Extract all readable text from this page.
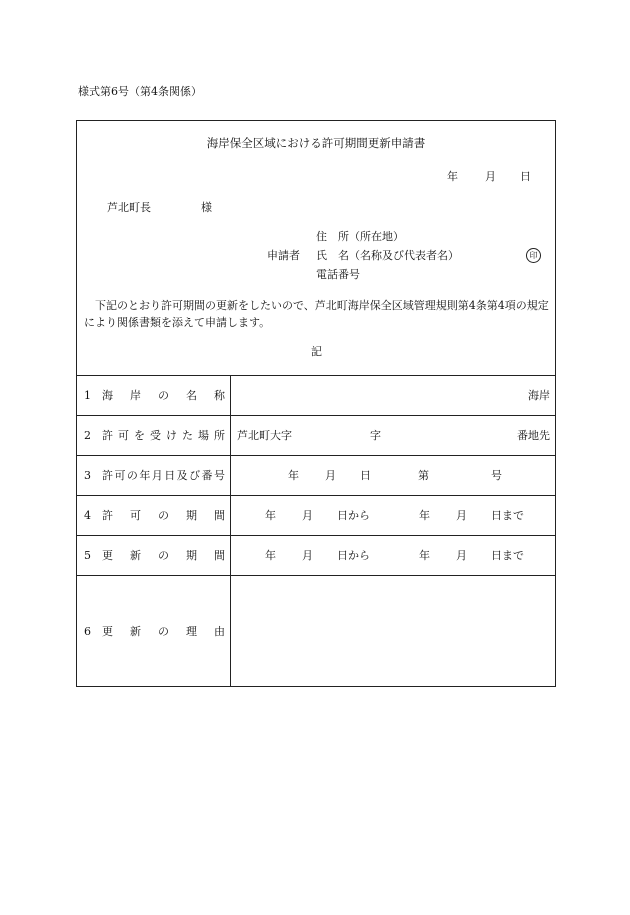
様式第6号（第4条関係）
海岸保全区域における許可期間更新申請書
年 月 日
芦北町長	様
住　所（所在地）
申請者 氏　名（名称及び代表者名）	印
電話番号
下記のとおり許可期間の更新をしたいので、芦北町海岸保全区域管理規則第4条第4項の規定により関係書類を添えて申請します。
記
1 海岸の名称	海岸
2 許可を受けた場所 芦北町大字	字	番地先
3 許可の年月日及び番号	年 月 日	第	号
4 許可の期間	年 月 日から	年 月 日まで
5 更新の期間	年 月 日から	年 月 日まで
6 更新の理由
